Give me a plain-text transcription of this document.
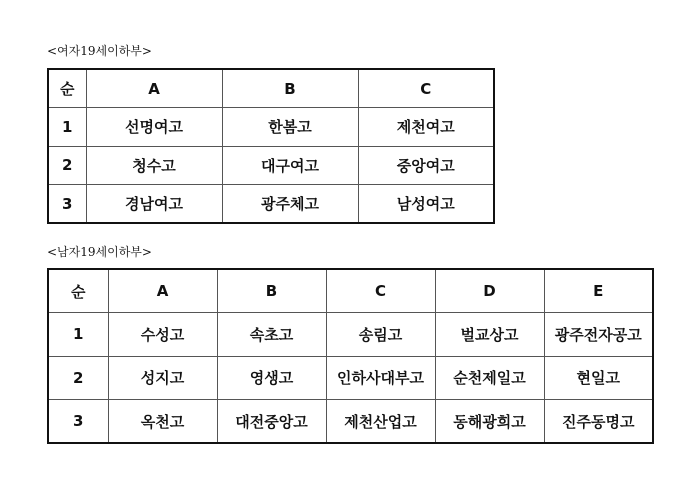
<여자19세이하부>
순	A	B	C
1	선명여고	한봄고	제천여고
2	청수고	대구여고	중앙여고
3	경남여고	광주체고	남성여고
<남자19세이하부>
순	A	B	C	D	E
1	수성고	속초고	송림고	벌교상고	광주전자공고
2	성지고	영생고	인하사대부고	순천제일고	현일고
3	옥천고	대전중앙고	제천산업고	동해광희고	진주동명고
